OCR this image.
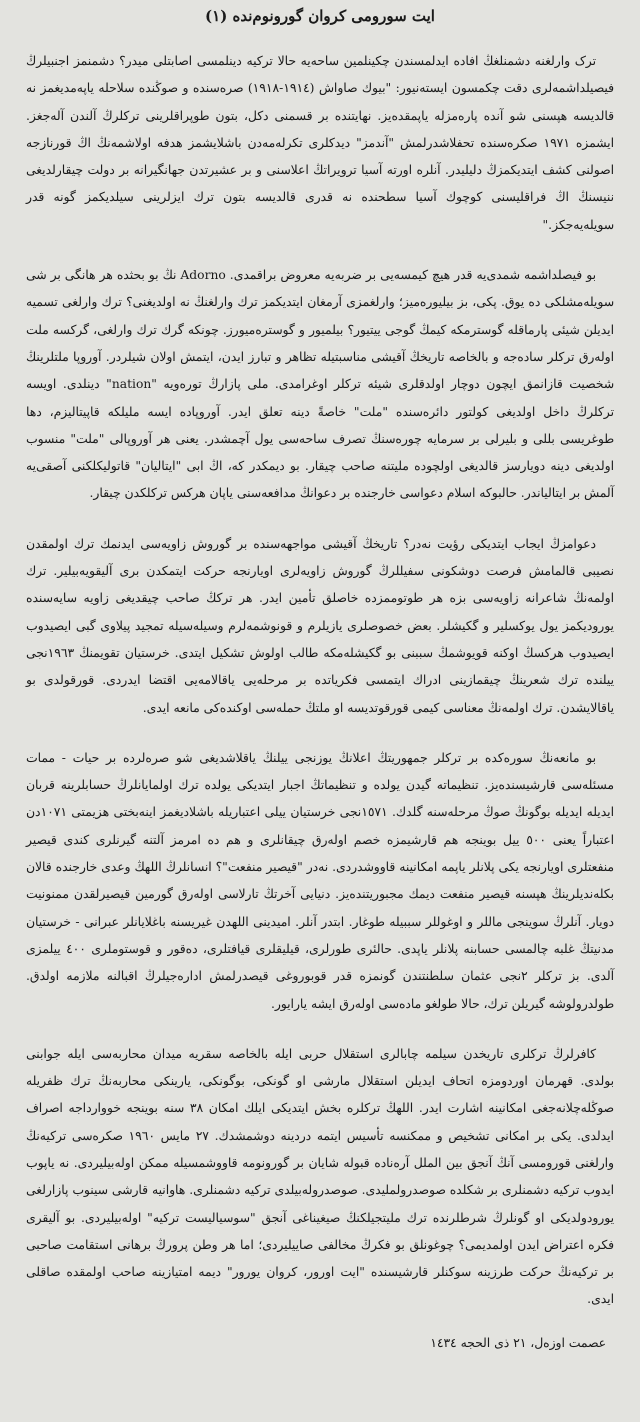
ایت سورومی کروان گورونوم‌نده (۱)
ترک وارلغنه دشمنلغڭ افاده ایدلمسندن چکینلمین ساحه‌یه حالا ترکیه دینلمسی اصابتلی میدر؟ دشمنمز اجنبیلرڭ فیصیلداشمه‌لری دقت چکمسون ایستەنیور: "بیوك صاواش (١٩١٤-١٩١٨) صره‌سنده و صوڭنده سلاحله یاپه‌مدیغمز نه قالدیسه هپسنی شو آنده پارەمزله یاپمقده‌یز. نهایتنده بر قسمنی دکل، بتون طوپراقلرینی ترکلرڭ آلندن آلەجغز. ایشمزه ١٩٧١ صکره‌سنده تحفلاشدرلمش "آندمز" دیدکلری تکرلەمەدن باشلایشمز هدفه اولاشمەنڭ اڭ قورنازجه اصولنی کشف ایتدیکمزڭ دلیلیدر. آنلره اورته آسیا ترویراتڭ اعلاسنی و بر عشیرتدن جهانگیرانه بر دولت چیقارلدیغی ننیسنڭ اڭ فراقلیسنی کوچوك آسیا سطحنده نه قدری قالدیسه بتون ترك ایزلرینی سیلدیکمز گونه قدر سویله‌یه‌جکز."
بو فیصلداشمه شمدی‌یه قدر هیچ کیمسه‌یی بر ضربه‌یه معروض براقمدی. Adorno نڭ بو بحثده هر هانگی بر شی سویله‌مشلکی ده یوق. پکی، بز بیلیوره‌میز؛ وارلغمزی آرمغان ایتدیکمز ترك وارلغنڭ نه اولدیغنی؟ ترك وارلغی تسمیه ایدیلن شیئی پارماقله گوسترمکه کیمڭ گوجی ییتیور؟ بیلمیور و گوسترەمیورز. چونکه گرك ترك وارلغی، گرکسه ملت اولەرق ترکلر سادەجه و بالخاصه تاریخڭ آقیشی مناسبتیله تظاهر و تبارز ایدن، ایتمش اولان شیلردر. آوروپا ملتلرینڭ شخصیت قازانمق ایچون دوچار اولدقلری شیئه ترکلر اوغرامدی. ملی پازارڭ تورەویه "nation" دینلدی. اویسه ترکلرڭ داخل اولدیغی کولتور دائرەسنده "ملت" خاصةً دینه تعلق ایدر. آوروپاده ایسه ملیلکه قاپیتالیزم، دها طوغریسی بللی و بلیرلی بر سرمایه چورەسنڭ تصرف ساحەسی یول آچمشدر. یعنی هر آوروپالی "ملت" منسوب اولدیغی دینه دویارسز قالدیغی اولچوده ملیتنه صاحب چیقار. بو دیمکدر که، اڭ ابی "ایتالیان" قاتولیکلکنی آصقی‌یه آلمش بر ایتالیاندر. حالبوکه اسلام دعواسی خارجنده بر دعوانڭ مدافعەسنی یاپان هرکس ترکلکدن چیقار.
دعوامزڭ ایجاب ایتدیکی رؤیت نەدر؟ تاریخڭ آقیشی مواجهەسنده بر گوروش زاویەسی ایدنمك ترك اولمقدن نصیبی قالمامش فرصت دوشکونی سفیللرڭ گوروش زاویەلری اویارنجه حرکت ایتمکدن بری آلیقویەبیلیر. ترك اولمەنڭ شاعرانه زاویەسی بزه هر طوتوممزده خاصلق تأمین ایدر. هر ترکڭ صاحب چیقدیغی زاویه سایەسنده یورودیکمز یول یوکسلیر و گکیشلر. بعض خصوصلری یازیلرم و قونوشمەلرم وسیلەسیله تمجید پیلاوی گبی ایصیدوب ایصیدوب هرکسڭ اوکنه قویوشمڭ سببنی بو گکیشلەمکه طالب اولوش تشکیل ایتدی. خرستیان تقویمنڭ ١٩٦٣نجی ییلنده ترك شعرینڭ چیقمازینی ادراك ایتمسی فکریاتده بر مرحله‌یی یاقالامه‌یی اقتضا ایدردی. قورقولدی بو یاقالایشدن. ترك اولمەنڭ معناسی کیمی قورقوتدیسه او ملتڭ حملەسی اوکندەکی مانعه ایدی.
بو مانعەنڭ سورەکده بر ترکلر جمهوریتڭ اعلانڭ یوزنجی ییلنڭ یاقلاشدیغی شو صره‌لرده بر حیات - ممات مسئله‌سی قارشیسنده‌یز. تنظیماته گیدن یولده و تنظیماتڭ اجبار ایتدیکی یولده ترك اولمایانلرڭ حسابلرینه قربان ایدیله ایدیله بوگونڭ صوڭ مرحله‌سنه گلدك. ١٥٧١نجی خرستیان ییلی اعتباریله باشلادیغمز اینەبختی هزیمتی ١٠٧١دن اعتباراً یعنی ٥٠٠ ییل بوینجه هم قارشیمزه خصم اولەرق چیقانلری و هم ده امرمز آلتنه گیرنلری کندی قیصیر منفعتلری اویارنجه یکی پلانلر یاپمه امکانینه قاووشدردی. نەدر "قیصیر منفعت"؟ انسانلرڭ اللهڭ وعدی خارجنده قالان بکلەندیلرینڭ هپسنه قیصیر منفعت دیمك مجبوریتنده‌یز. دنیایی آخرتڭ تارلاسی اولەرق گورمین قیصیرلقدن ممنونیت دویار. آنلرڭ سوینجی ماللر و اوغوللر سببیله طوغار. ابتدر آنلر. امیدینی اللهدن غیریسنه باغلایانلر عبرانی - خرستیان مدنیتڭ غلبه چالمسی حسابنه پلانلر یاپدی. حالئری طورلری، قیلیقلری قیافتلری، دەقور و قوستوملری ٤٠٠ ییلمزی آلدی. بز ترکلر ٢نجی عثمان سلطنتندن گونمزه قدر قوبوروغی قیصدرلمش ادارەجیلرڭ اقبالنه ملازمه اولدق. طولدرولوشه گیریلن ترك، حالا طولغو مادەسی اولەرق ایشه یارایور.
کافرلرڭ ترکلری تاریخدن سیلمه چابالری استقلال حربی ایله بالخاصه سقریه میدان محاربەسی ایله جوابنی بولدی. قهرمان اوردومزه اتحاف ایدیلن استقلال مارشی او گونکی، بوگونکی، یارینکی محاربەنڭ ترك ظفریله صوڭلەچلانەجغی امکانینه اشارت ایدر. اللهڭ ترکلره بخش ایتدیکی ایلك امکان ٣٨ سنه بوینجه خووارداجه اصراف ایدلدی. یکی بر امکانی تشخیص و ممکنسه تأسیس ایتمه دردینه دوشمشدك. ٢٧ مایس ١٩٦٠ صکرەسی ترکیەنڭ وارلغنی قورومسی آنڭ آنجق بین الملل آرەناده قبوله شایان بر گورونومه قاووشمسیله ممکن اولەبیلیردی. نه یاپوب ایدوب ترکیه دشمنلری بر شکلده صوصدرولملیدی. صوصدرولەبیلدی ترکیه دشمنلری. هاوانیه قارشی سینوب پازارلغی یورودولدیکی او گونلرڭ شرطلرنده ترك ملیتجیلکنڭ صیغیناغی آنجق "سوسیالیست ترکیه" اولەبیلیردی. بو آلیقری فکره اعتراض ایدن اولمدیمی؟ چوغونلق بو فکرڭ مخالفی صاییلیردی؛ اما هر وطن پرورڭ برهانی استقامت صاحبی بر ترکیەنڭ حرکت طرزینه سوکنلر قارشیسنده "ایت اورور، کروان یورور" دیمه امتیازینه صاحب اولمقده صاقلی ایدی.
عصمت اوزەل، ٢١ ذی الحجه ١٤٣٤
